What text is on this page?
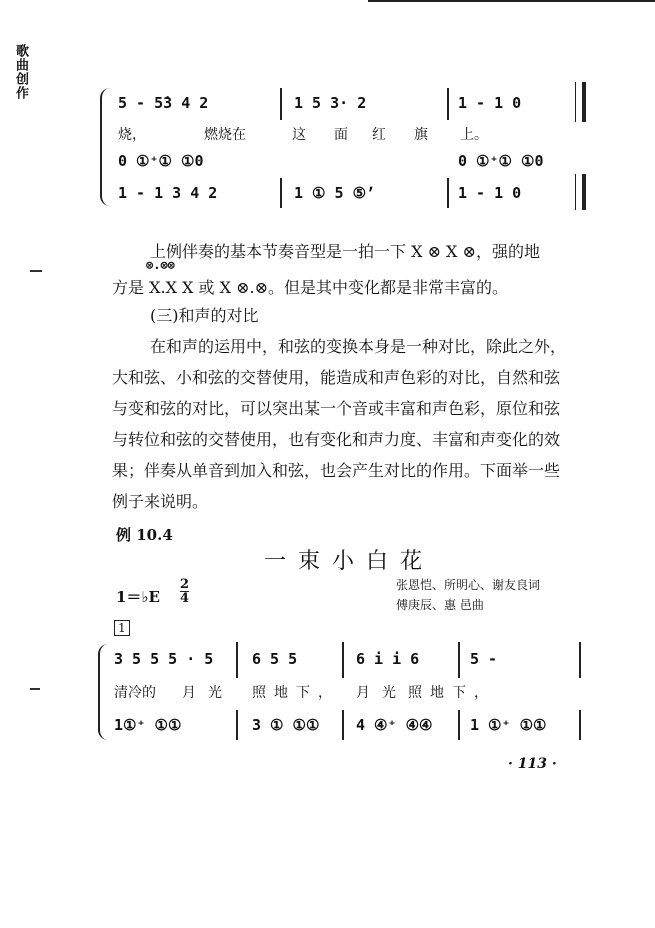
歌曲创作
5 - 5̇3 4 2	1 5 3· 2	1 - 1 0
烧，	燃烧在	这 面 红 旗 上。
0 ①⁺① ①0	0 ①⁺① ①0
1 - 1 3 4 2	1 ① 5 ⑤ʼ	1 - 1 0
上例伴奏的基本节奏音型是一拍一下 X ⊗ X ⊗，强的地
⊗.⊗⊗
方是 X.X X 或 X ⊗.⊗。但是其中变化都是非常丰富的。
(三)和声的对比
在和声的运用中，和弦的变换本身是一种对比，除此之外，
大和弦、小和弦的交替使用，能造成和声色彩的对比，自然和弦
与变和弦的对比，可以突出某一个音或丰富和声色彩，原位和弦
与转位和弦的交替使用，也有变化和声力度、丰富和声变化的效
果；伴奏从单音到加入和弦，也会产生对比的作用。下面举一些
例子来说明。
例 10.4
一束小白花
1＝♭E
2
4
张恩恺、所明心、谢友良词
傅庚辰、惠 邑曲
1
3 5 5 5 · 5	6 5 5	6 i i 6	5 -
清冷的 月光 照地下， 月光 照地下，
1①⁺ ①①	3 ① ①① 4 ④⁺ ④④	1 ①⁺ ①①
· 113 ·
